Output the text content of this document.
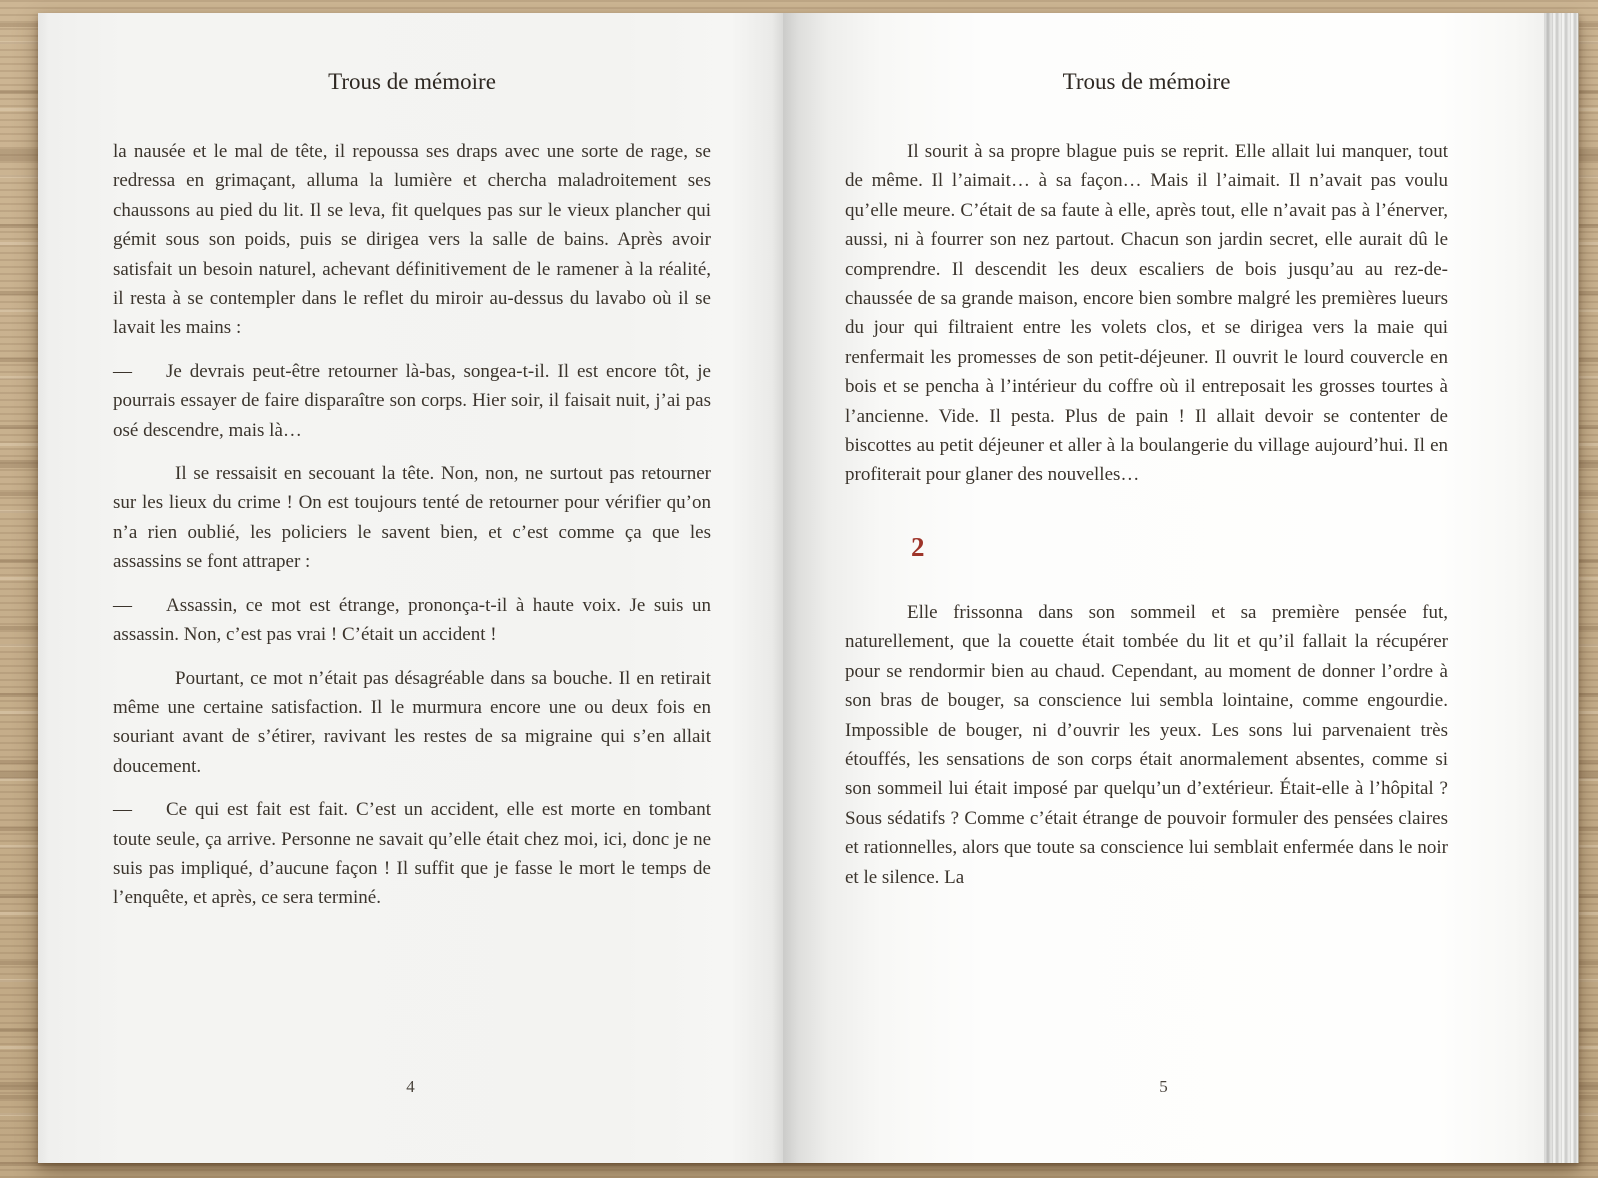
Trous de mémoire

la nausée et le mal de tête, il repoussa ses draps avec une sorte de rage, se redressa en grimaçant, alluma la lumière et chercha maladroitement ses chaussons au pied du lit. Il se leva, fit quelques pas sur le vieux plancher qui gémit sous son poids, puis se dirigea vers la salle de bains. Après avoir satisfait un besoin naturel, achevant définitivement de le ramener à la réalité, il resta à se contempler dans le reflet du miroir au-dessus du lavabo où il se lavait les mains :

— Je devrais peut-être retourner là-bas, songea-t-il. Il est encore tôt, je pourrais essayer de faire disparaître son corps. Hier soir, il faisait nuit, j’ai pas osé descendre, mais là…

Il se ressaisit en secouant la tête. Non, non, ne surtout pas retourner sur les lieux du crime ! On est toujours tenté de retourner pour vérifier qu’on n’a rien oublié, les policiers le savent bien, et c’est comme ça que les assassins se font attraper :

— Assassin, ce mot est étrange, prononça-t-il à haute voix. Je suis un assassin. Non, c’est pas vrai ! C’était un accident !

Pourtant, ce mot n’était pas désagréable dans sa bouche. Il en retirait même une certaine satisfaction. Il le murmura encore une ou deux fois en souriant avant de s’étirer, ravivant les restes de sa migraine qui s’en allait doucement.

— Ce qui est fait est fait. C’est un accident, elle est morte en tombant toute seule, ça arrive. Personne ne savait qu’elle était chez moi, ici, donc je ne suis pas impliqué, d’aucune façon ! Il suffit que je fasse le mort le temps de l’enquête, et après, ce sera terminé.

4
Trous de mémoire

Il sourit à sa propre blague puis se reprit. Elle allait lui manquer, tout de même. Il l’aimait… à sa façon… Mais il l’aimait. Il n’avait pas voulu qu’elle meure. C’était de sa faute à elle, après tout, elle n’avait pas à l’énerver, aussi, ni à fourrer son nez partout. Chacun son jardin secret, elle aurait dû le comprendre. Il descendit les deux escaliers de bois jusqu’au au rez-de-chaussée de sa grande maison, encore bien sombre malgré les premières lueurs du jour qui filtraient entre les volets clos, et se dirigea vers la maie qui renfermait les promesses de son petit-déjeuner. Il ouvrit le lourd couvercle en bois et se pencha à l’intérieur du coffre où il entreposait les grosses tourtes à l’ancienne. Vide. Il pesta. Plus de pain ! Il allait devoir se contenter de biscottes au petit déjeuner et aller à la boulangerie du village aujourd’hui. Il en profiterait pour glaner des nouvelles…

2

Elle frissonna dans son sommeil et sa première pensée fut, naturellement, que la couette était tombée du lit et qu’il fallait la récupérer pour se rendormir bien au chaud. Cependant, au moment de donner l’ordre à son bras de bouger, sa conscience lui sembla lointaine, comme engourdie. Impossible de bouger, ni d’ouvrir les yeux. Les sons lui parvenaient très étouffés, les sensations de son corps était anormalement absentes, comme si son sommeil lui était imposé par quelqu’un d’extérieur. Était-elle à l’hôpital ? Sous sédatifs ? Comme c’était étrange de pouvoir formuler des pensées claires et rationnelles, alors que toute sa conscience lui semblait enfermée dans le noir et le silence. La

5
